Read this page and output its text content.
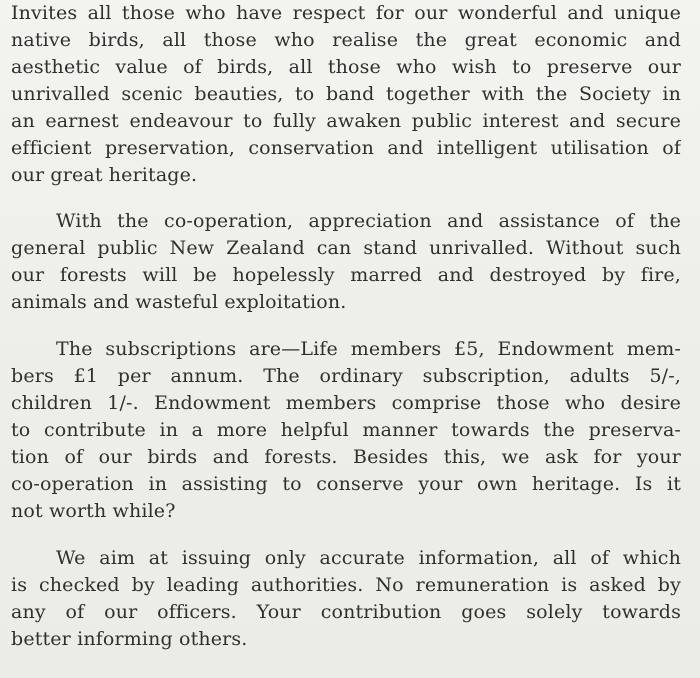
Invites all those who have respect for our wonderful and unique
native birds, all those who realise the great economic and
aesthetic value of birds, all those who wish to preserve our
unrivalled scenic beauties, to band together with the Society in
an earnest endeavour to fully awaken public interest and secure
efficient preservation, conservation and intelligent utilisation of
our great heritage.
With the co-operation, appreciation and assistance of the
general public New Zealand can stand unrivalled. Without such
our forests will be hopelessly marred and destroyed by fire,
animals and wasteful exploitation.
The subscriptions are—Life members £5, Endowment mem-
bers £1 per annum. The ordinary subscription, adults 5/-,
children 1/-. Endowment members comprise those who desire
to contribute in a more helpful manner towards the preserva-
tion of our birds and forests. Besides this, we ask for your
co-operation in assisting to conserve your own heritage. Is it
not worth while?
We aim at issuing only accurate information, all of which
is checked by leading authorities. No remuneration is asked by
any of our officers. Your contribution goes solely towards
better informing others.
